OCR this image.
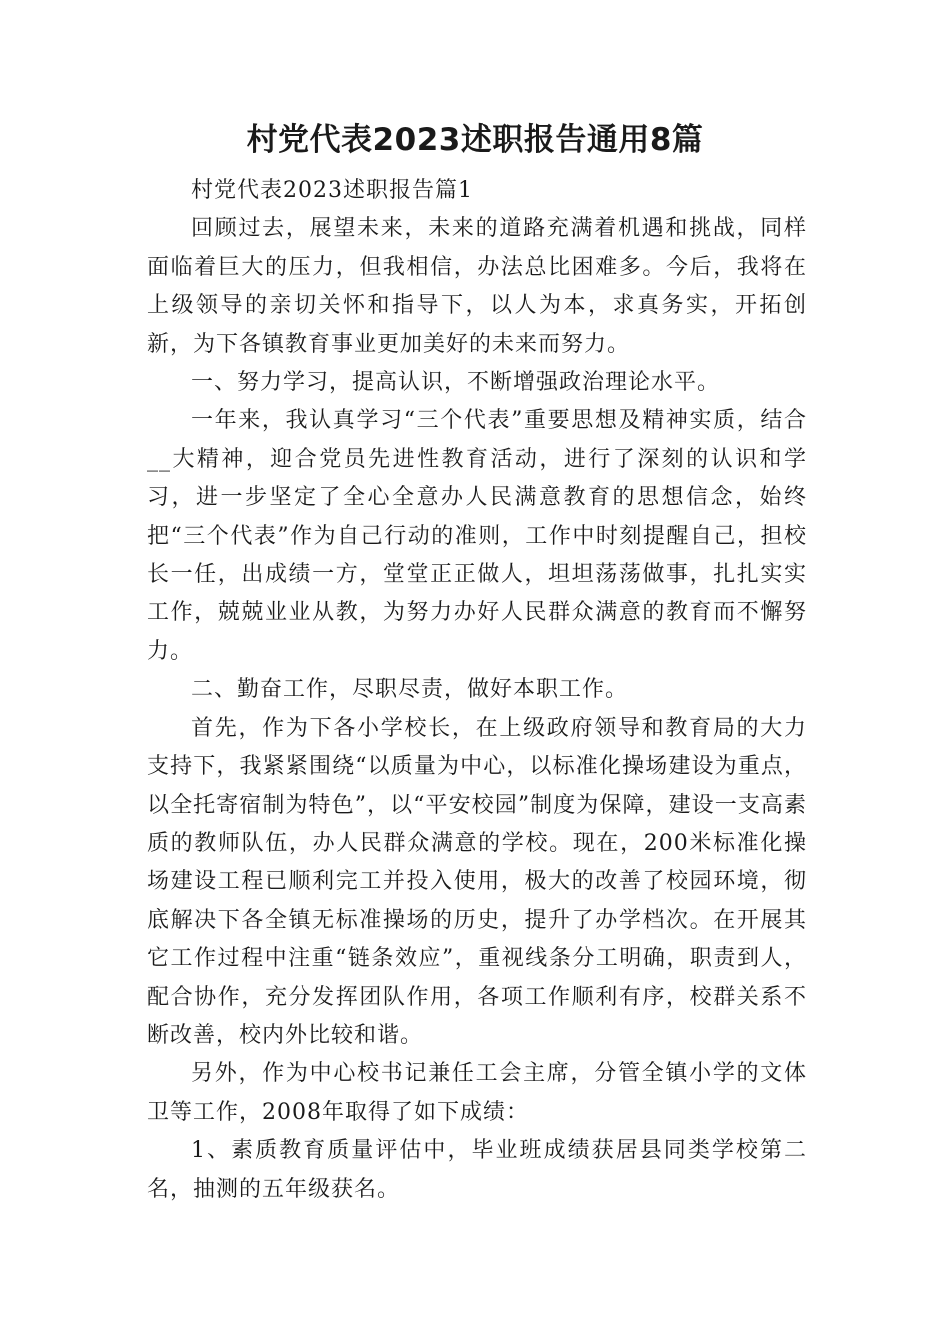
村党代表2023述职报告通用8篇

村党代表2023述职报告篇1

回顾过去，展望未来，未来的道路充满着机遇和挑战，同样面临着巨大的压力，但我相信，办法总比困难多。今后，我将在上级领导的亲切关怀和指导下，以人为本，求真务实，开拓创新，为下各镇教育事业更加美好的未来而努力。

一、努力学习，提高认识，不断增强政治理论水平。

一年来，我认真学习“三个代表”重要思想及精神实质，结合__大精神，迎合党员先进性教育活动，进行了深刻的认识和学习，进一步坚定了全心全意办人民满意教育的思想信念，始终把“三个代表”作为自己行动的准则，工作中时刻提醒自己，担校长一任，出成绩一方，堂堂正正做人，坦坦荡荡做事，扎扎实实工作，兢兢业业从教，为努力办好人民群众满意的教育而不懈努力。

二、勤奋工作，尽职尽责，做好本职工作。

首先，作为下各小学校长，在上级政府领导和教育局的大力支持下，我紧紧围绕“以质量为中心，以标准化操场建设为重点，以全托寄宿制为特色”，以“平安校园”制度为保障，建设一支高素质的教师队伍，办人民群众满意的学校。现在，200米标准化操场建设工程已顺利完工并投入使用，极大的改善了校园环境，彻底解决下各全镇无标准操场的历史，提升了办学档次。在开展其它工作过程中注重“链条效应”，重视线条分工明确，职责到人，配合协作，充分发挥团队作用，各项工作顺利有序，校群关系不断改善，校内外比较和谐。

另外，作为中心校书记兼任工会主席，分管全镇小学的文体卫等工作，2008年取得了如下成绩：

1、素质教育质量评估中，毕业班成绩获居县同类学校第二名，抽测的五年级获名。
